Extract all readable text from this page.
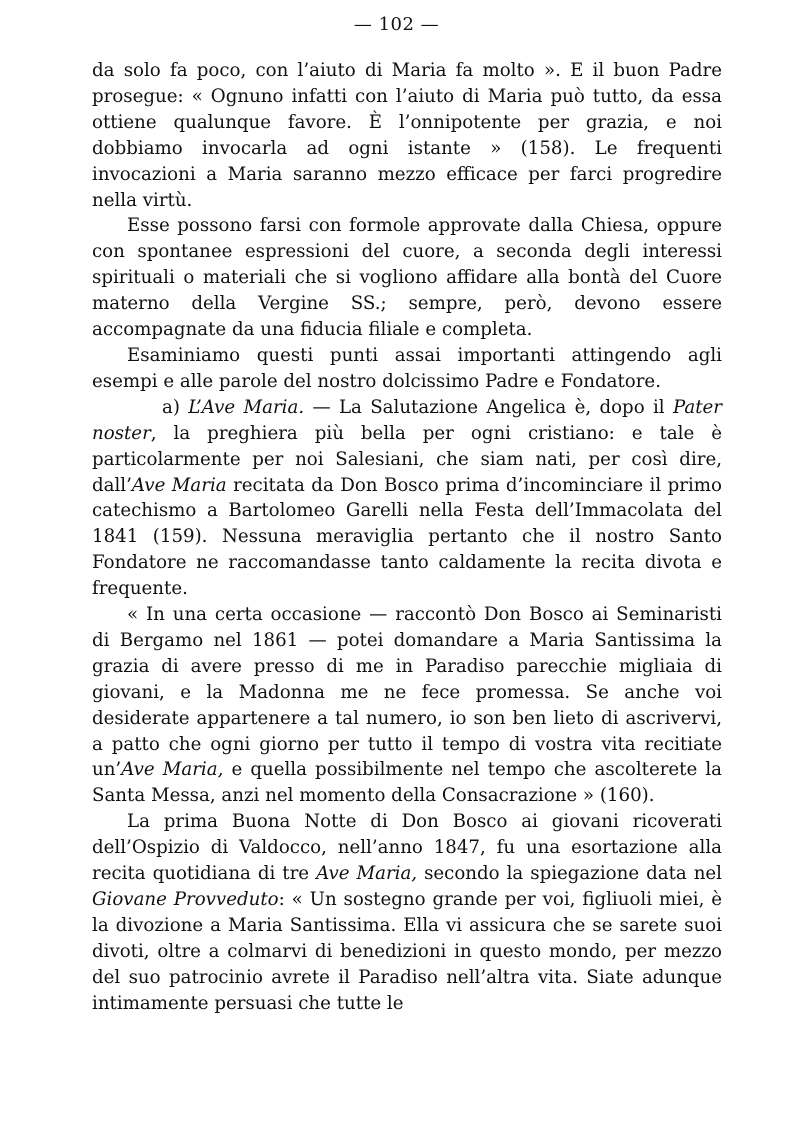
— 102 —

da solo fa poco, con l’aiuto di Maria fa molto ». E il buon Padre prosegue: « Ognuno infatti con l’aiuto di Maria può tutto, da essa ottiene qualunque favore. È l’onnipotente per grazia, e noi dobbiamo invocarla ad ogni istante » (158). Le frequenti invocazioni a Maria saranno mezzo efficace per farci progredire nella virtù.

Esse possono farsi con formole approvate dalla Chiesa, oppure con spontanee espressioni del cuore, a seconda degli interessi spirituali o materiali che si vogliono affidare alla bontà del Cuore materno della Vergine SS.; sempre, però, devono essere accompagnate da una fiducia filiale e completa.

Esaminiamo questi punti assai importanti attingendo agli esempi e alle parole del nostro dolcissimo Padre e Fondatore.

a) L’Ave Maria. — La Salutazione Angelica è, dopo il Pater noster, la preghiera più bella per ogni cristiano: e tale è particolarmente per noi Salesiani, che siam nati, per così dire, dall’Ave Maria recitata da Don Bosco prima d’incominciare il primo catechismo a Bartolomeo Garelli nella Festa dell’Immacolata del 1841 (159). Nessuna meraviglia pertanto che il nostro Santo Fondatore ne raccomandasse tanto caldamente la recita divota e frequente.

« In una certa occasione — raccontò Don Bosco ai Seminaristi di Bergamo nel 1861 — potei domandare a Maria Santissima la grazia di avere presso di me in Paradiso parecchie migliaia di giovani, e la Madonna me ne fece promessa. Se anche voi desiderate appartenere a tal numero, io son ben lieto di ascrivervi, a patto che ogni giorno per tutto il tempo di vostra vita recitiate un’Ave Maria, e quella possibilmente nel tempo che ascolterete la Santa Messa, anzi nel momento della Consacrazione » (160).

La prima Buona Notte di Don Bosco ai giovani ricoverati dell’Ospizio di Valdocco, nell’anno 1847, fu una esortazione alla recita quotidiana di tre Ave Maria, secondo la spiegazione data nel Giovane Provveduto: « Un sostegno grande per voi, figliuoli miei, è la divozione a Maria Santissima. Ella vi assicura che se sarete suoi divoti, oltre a colmarvi di benedizioni in questo mondo, per mezzo del suo patrocinio avrete il Paradiso nell’altra vita. Siate adunque intimamente persuasi che tutte le
